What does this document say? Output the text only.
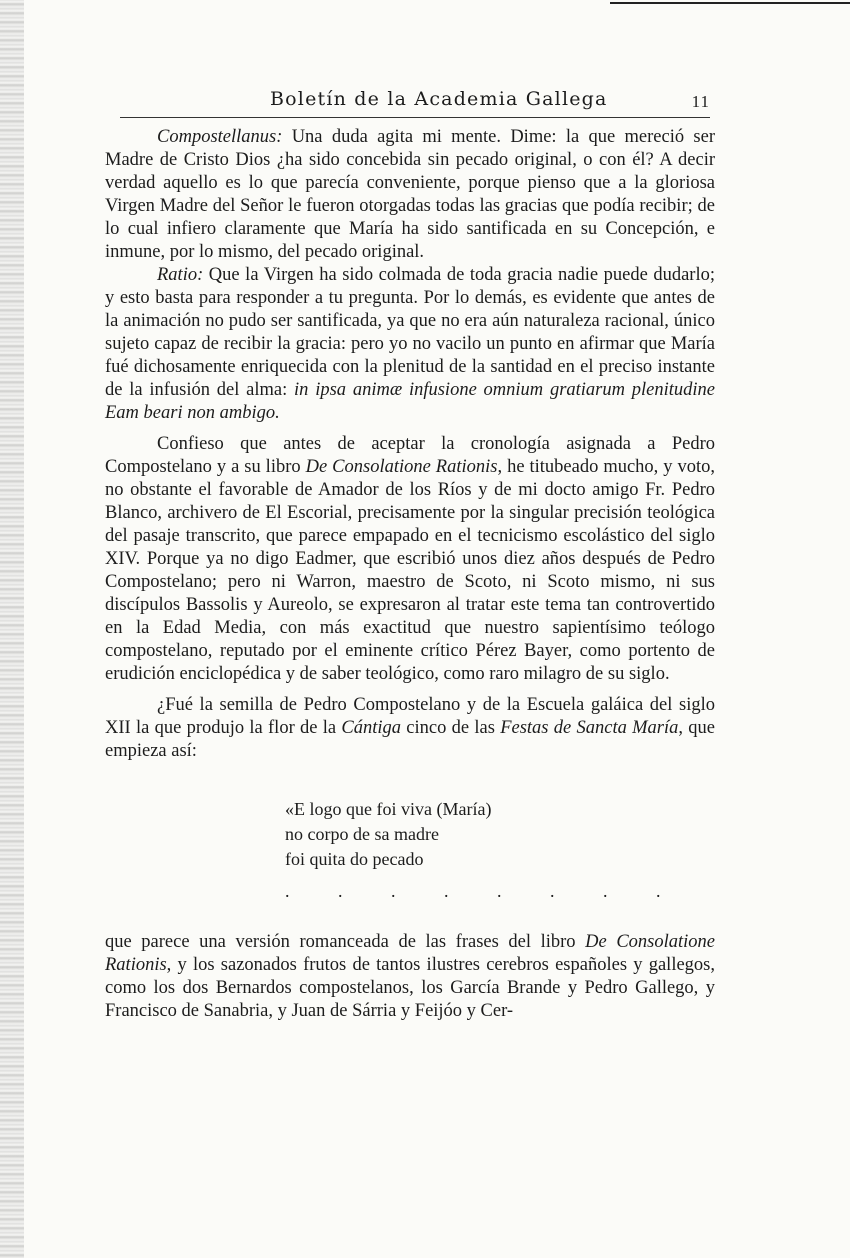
Boletín de la Academia Gallega	11

Compostellanus: Una duda agita mi mente. Dime: la que mereció ser Madre de Cristo Dios ¿ha sido concebida sin pecado original, o con él? A decir verdad aquello es lo que parecía conveniente, porque pienso que a la gloriosa Virgen Madre del Señor le fueron otorgadas todas las gracias que podía recibir; de lo cual infiero claramente que María ha sido santificada en su Concepción, e inmune, por lo mismo, del pecado original.

Ratio: Que la Virgen ha sido colmada de toda gracia nadie puede dudarlo; y esto basta para responder a tu pregunta. Por lo demás, es evidente que antes de la animación no pudo ser santificada, ya que no era aún naturaleza racional, único sujeto capaz de recibir la gracia: pero yo no vacilo un punto en afirmar que María fué dichosamente enriquecida con la plenitud de la santidad en el preciso instante de la infusión del alma: in ipsa animæ infusione omnium gratiarum plenitudine Eam beari non ambigo.

Confieso que antes de aceptar la cronología asignada a Pedro Compostelano y a su libro De Consolatione Rationis, he titubeado mucho, y voto, no obstante el favorable de Amador de los Ríos y de mi docto amigo Fr. Pedro Blanco, archivero de El Escorial, precisamente por la singular precisión teológica del pasaje transcrito, que parece empapado en el tecnicismo escolástico del siglo XIV. Porque ya no digo Eadmer, que escribió unos diez años después de Pedro Compostelano; pero ni Warron, maestro de Scoto, ni Scoto mismo, ni sus discípulos Bassolis y Aureolo, se expresaron al tratar este tema tan controvertido en la Edad Media, con más exactitud que nuestro sapientísimo teólogo compostelano, reputado por el eminente crítico Pérez Bayer, como portento de erudición enciclopédica y de saber teológico, como raro milagro de su siglo.

¿Fué la semilla de Pedro Compostelano y de la Escuela galáica del siglo XII la que produjo la flor de la Cántiga cinco de las Festas de Sancta María, que empieza así:

«E logo que foi viva (María)
no corpo de sa madre
foi quita do pecado

. . . . . . . .

que parece una versión romanceada de las frases del libro De Consolatione Rationis, y los sazonados frutos de tantos ilustres cerebros españoles y gallegos, como los dos Bernardos compostelanos, los García Brande y Pedro Gallego, y Francisco de Sanabria, y Juan de Sárria y Feijóo y Cer-
